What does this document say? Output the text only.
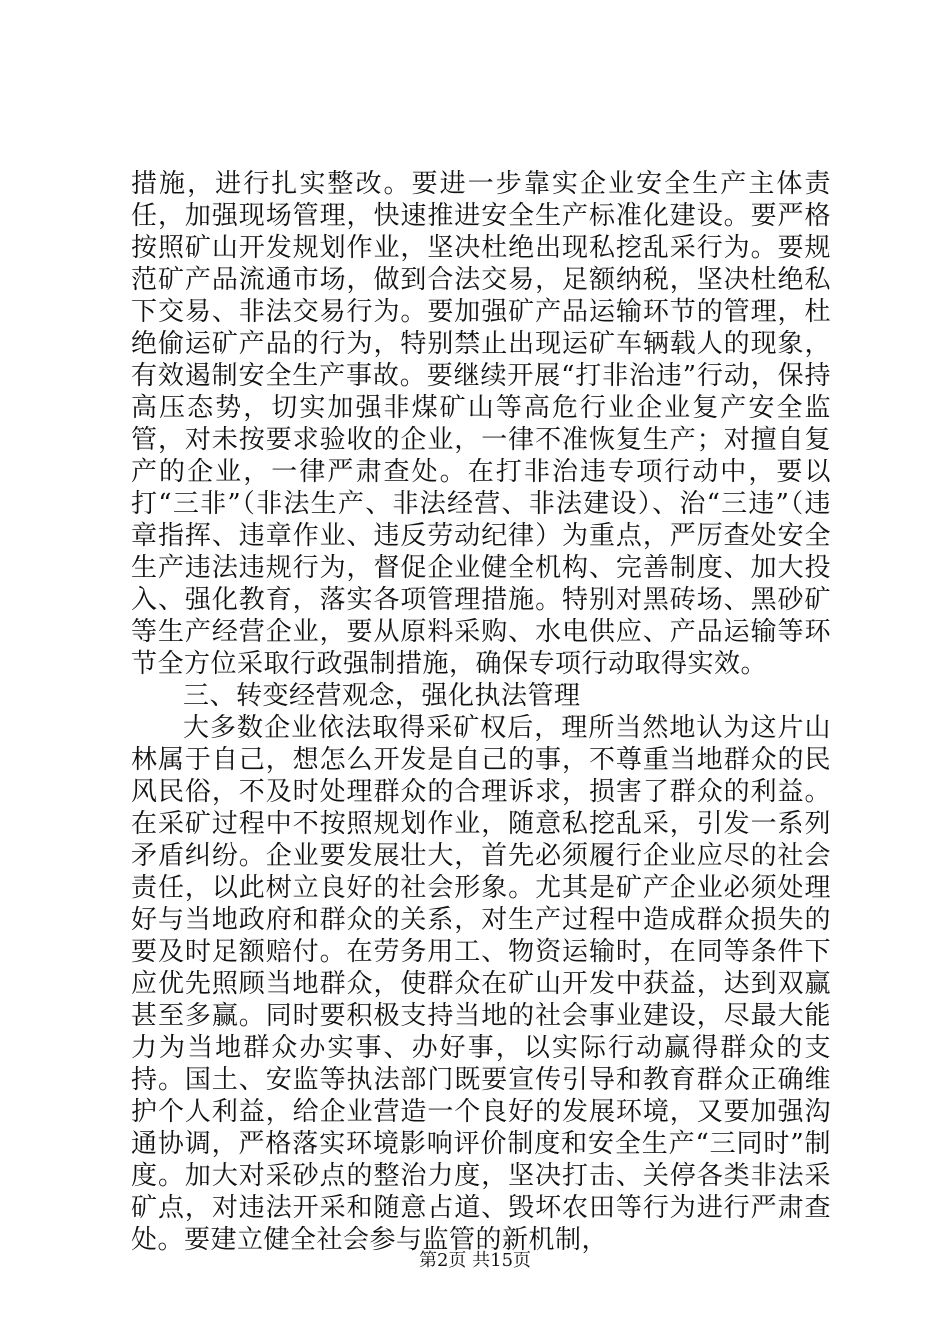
措施，进行扎实整改。要进一步靠实企业安全生产主体责任，加强现场管理，快速推进安全生产标准化建设。要严格按照矿山开发规划作业，坚决杜绝出现私挖乱采行为。要规范矿产品流通市场，做到合法交易，足额纳税，坚决杜绝私下交易、非法交易行为。要加强矿产品运输环节的管理，杜绝偷运矿产品的行为，特别禁止出现运矿车辆载人的现象，有效遏制安全生产事故。要继续开展“打非治违”行动，保持高压态势，切实加强非煤矿山等高危行业企业复产安全监管，对未按要求验收的企业，一律不准恢复生产；对擅自复产的企业，一律严肃查处。在打非治违专项行动中，要以打“三非”（非法生产、非法经营、非法建设）、治“三违”（违章指挥、违章作业、违反劳动纪律）为重点，严厉查处安全生产违法违规行为，督促企业健全机构、完善制度、加大投入、强化教育，落实各项管理措施。特别对黑砖场、黑砂矿等生产经营企业，要从原料采购、水电供应、产品运输等环节全方位采取行政强制措施，确保专项行动取得实效。

三、转变经营观念，强化执法管理

大多数企业依法取得采矿权后，理所当然地认为这片山林属于自己，想怎么开发是自己的事，不尊重当地群众的民风民俗，不及时处理群众的合理诉求，损害了群众的利益。在采矿过程中不按照规划作业，随意私挖乱采，引发一系列矛盾纠纷。企业要发展壮大，首先必须履行企业应尽的社会责任，以此树立良好的社会形象。尤其是矿产企业必须处理好与当地政府和群众的关系，对生产过程中造成群众损失的要及时足额赔付。在劳务用工、物资运输时，在同等条件下应优先照顾当地群众，使群众在矿山开发中获益，达到双赢甚至多赢。同时要积极支持当地的社会事业建设，尽最大能力为当地群众办实事、办好事，以实际行动赢得群众的支持。国土、安监等执法部门既要宣传引导和教育群众正确维护个人利益，给企业营造一个良好的发展环境，又要加强沟通协调，严格落实环境影响评价制度和安全生产“三同时”制度。加大对采砂点的整治力度，坚决打击、关停各类非法采矿点，对违法开采和随意占道、毁坏农田等行为进行严肃查处。要建立健全社会参与监管的新机制，

第2页 共15页
